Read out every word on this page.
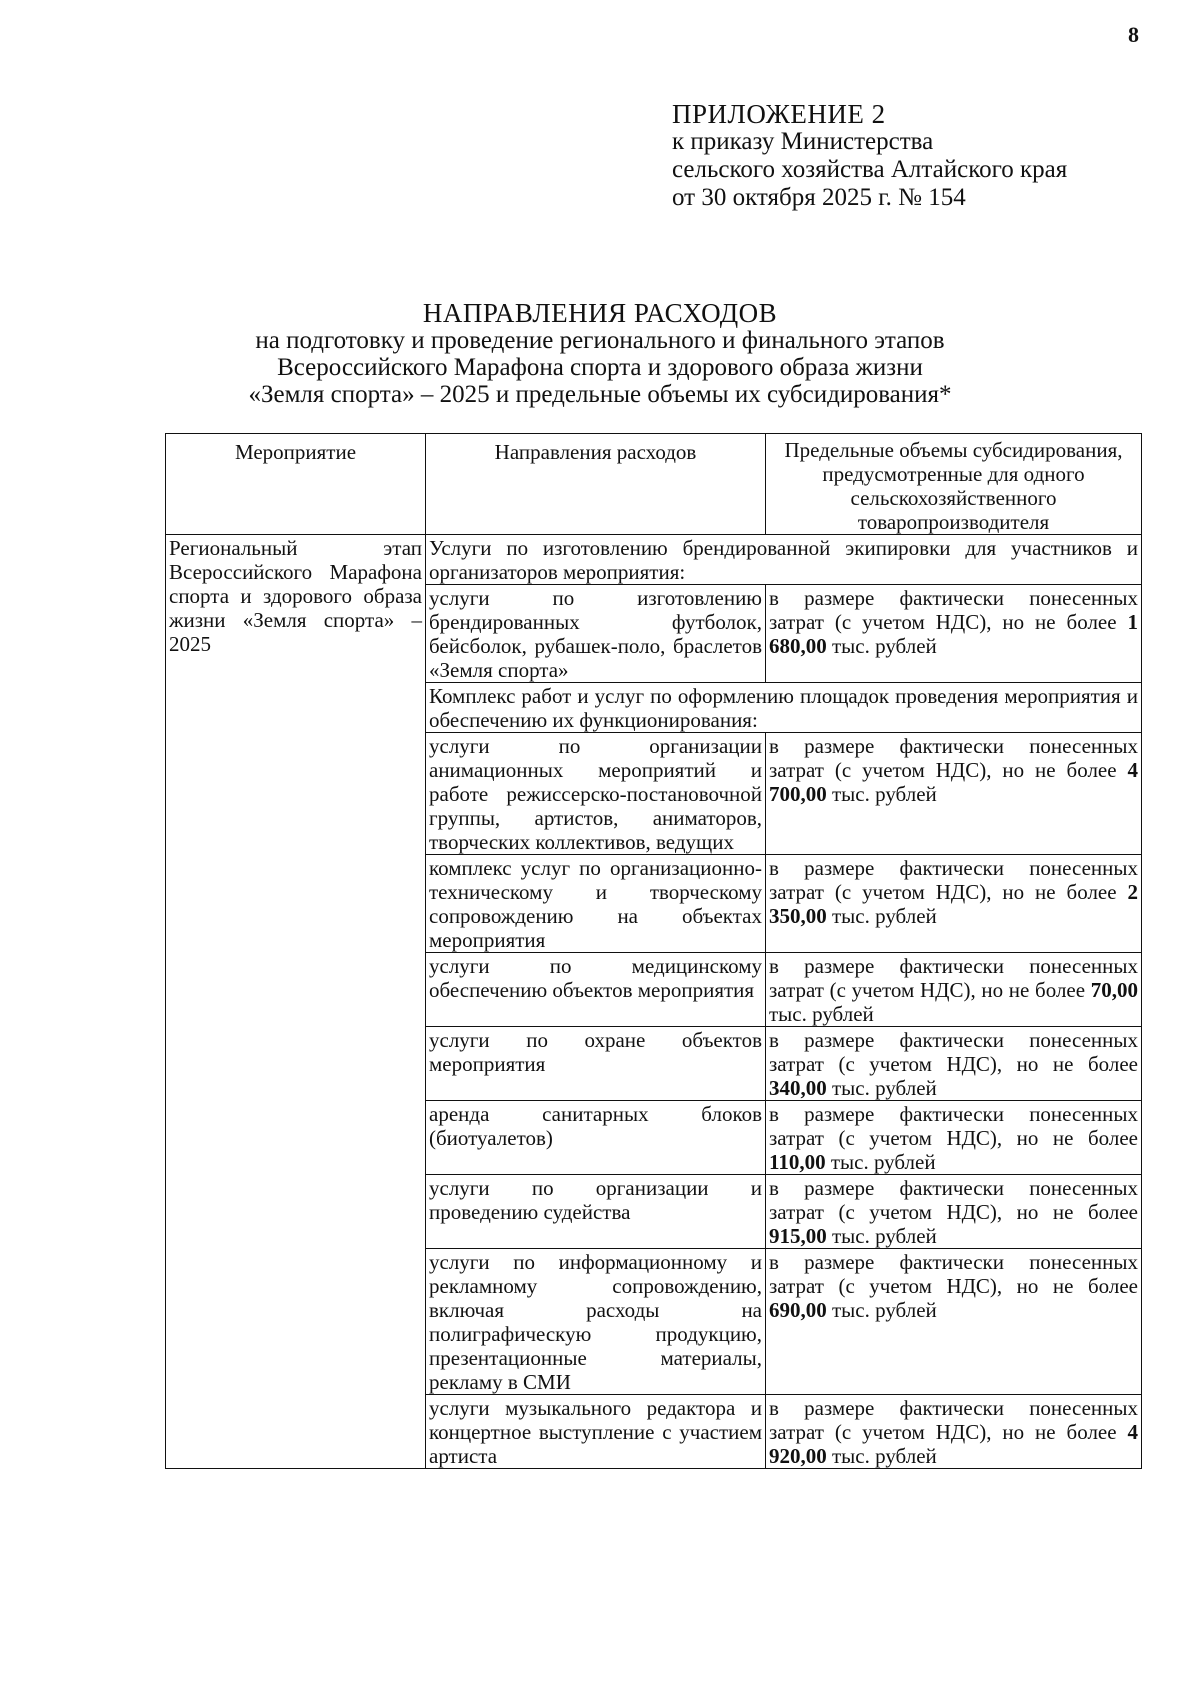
8
ПРИЛОЖЕНИЕ 2
к приказу Министерства
сельского хозяйства Алтайского края
от 30 октября 2025 г. № 154
НАПРАВЛЕНИЯ РАСХОДОВ
на подготовку и проведение регионального и финального этапов
Всероссийского Марафона спорта и здорового образа жизни
«Земля спорта» – 2025 и предельные объемы их субсидирования*
Мероприятие	Направления расходов	Предельные объемы субсидирования, предусмотренные для одного сельскохозяйственного товаропроизводителя
Региональный этап Всероссийского Марафона спорта и здорового образа жизни «Земля спорта» – 2025	Услуги по изготовлению брендированной экипировки для участников и организаторов мероприятия:	
	услуги по изготовлению брендированных футболок, бейсболок, рубашек-поло, браслетов «Земля спорта»	в размере фактически понесенных затрат (с учетом НДС), но не более 1 680,00 тыс. рублей
	Комплекс работ и услуг по оформлению площадок проведения мероприятия и обеспечению их функционирования:	
	услуги по организации анимационных мероприятий и работе режиссерско-постановочной группы, артистов, аниматоров, творческих коллективов, ведущих	в размере фактически понесенных затрат (с учетом НДС), но не более 4 700,00 тыс. рублей
	комплекс услуг по организационно-техническому и творческому сопровождению на объектах мероприятия	в размере фактически понесенных затрат (с учетом НДС), но не более 2 350,00 тыс. рублей
	услуги по медицинскому обеспечению объектов мероприятия	в размере фактически понесенных затрат (с учетом НДС), но не более 70,00 тыс. рублей
	услуги по охране объектов мероприятия	в размере фактически понесенных затрат (с учетом НДС), но не более 340,00 тыс. рублей
	аренда санитарных блоков (биотуалетов)	в размере фактически понесенных затрат (с учетом НДС), но не более 110,00 тыс. рублей
	услуги по организации и проведению судейства	в размере фактически понесенных затрат (с учетом НДС), но не более 915,00 тыс. рублей
	услуги по информационному и рекламному сопровождению, включая расходы на полиграфическую продукцию, презентационные материалы, рекламу в СМИ	в размере фактически понесенных затрат (с учетом НДС), но не более 690,00 тыс. рублей
	услуги музыкального редактора и концертное выступление с участием артиста	в размере фактически понесенных затрат (с учетом НДС), но не более 4 920,00 тыс. рублей
